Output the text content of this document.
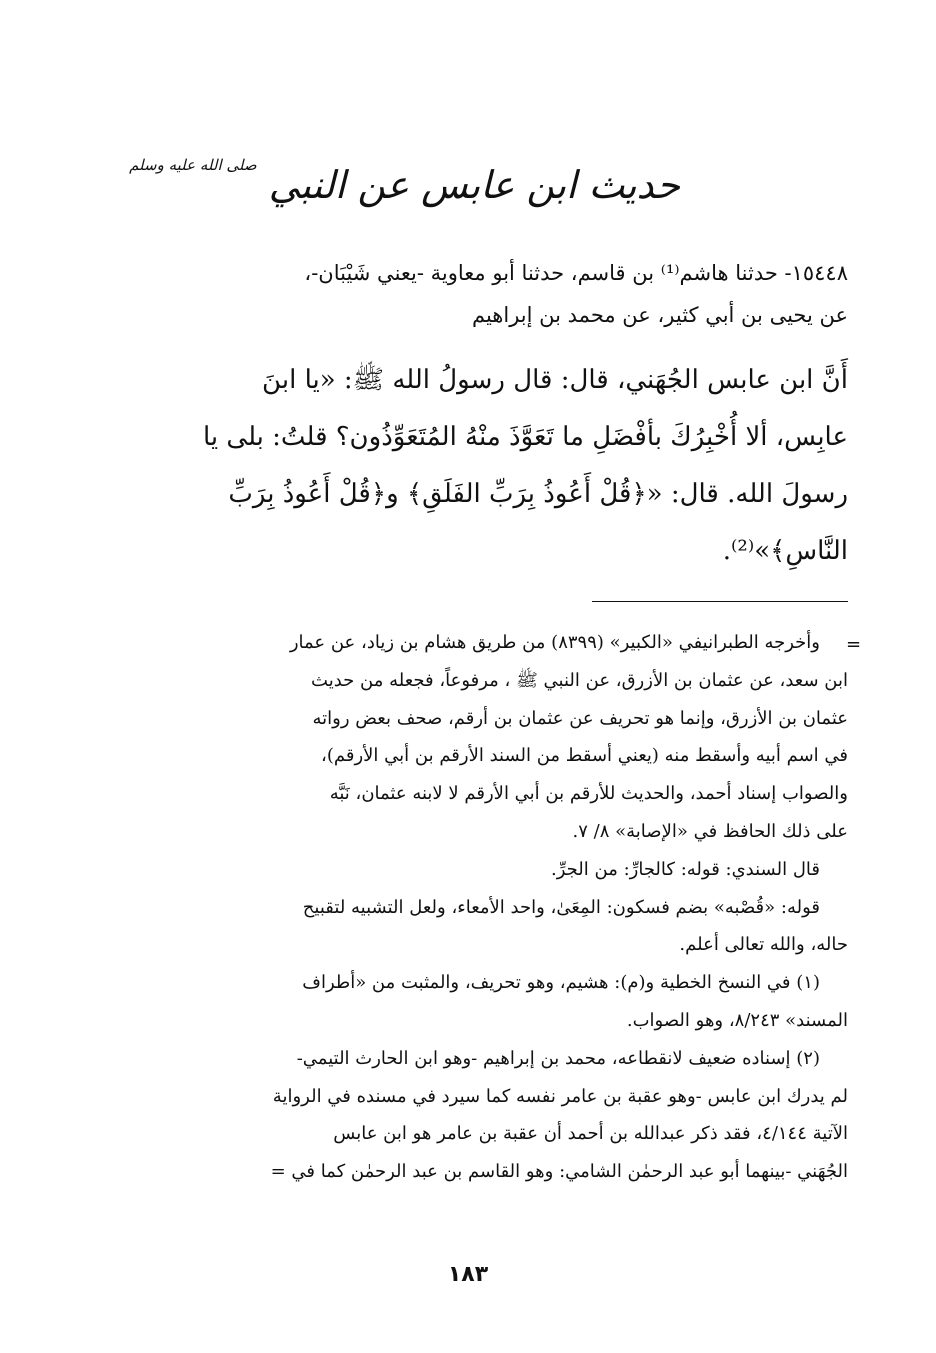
حديث ابن عابس عن النبي $^{صلى الله عليه وسلم}$
١٥٤٤٨- حدثنا هاشم⁽¹⁾ بن قاسم، حدثنا أبو معاوية -يعني شَيْبَان-،
عن يحيى بن أبي كثير، عن محمد بن إبراهيم
أَنَّ ابن عابس الجُهَني، قال: قال رسولُ الله ﷺ: «يا ابنَ
عابِس، ألا أُخْبِرُكَ بأفْضَلِ ما تَعَوَّذَ منْهُ المُتَعَوِّذُون؟ قلتُ: بلى يا
رسولَ الله. قال: «﴿قُلْ أَعُوذُ بِرَبِّ الفَلَقِ﴾ و﴿قُلْ أَعُوذُ بِرَبِّ
النَّاسِ﴾»⁽²⁾.
=
وأخرجه الطبرانيفي «الكبير» (٨٣٩٩) من طريق هشام بن زياد، عن عمار
ابن سعد، عن عثمان بن الأزرق، عن النبي ﷺ ، مرفوعاً، فجعله من حديث
عثمان بن الأزرق، وإنما هو تحريف عن عثمان بن أرقم، صحف بعض رواته
في اسم أبيه وأسقط منه (يعني أسقط من السند الأرقم بن أبي الأرقم)،
والصواب إسناد أحمد، والحديث للأرقم بن أبي الأرقم لا لابنه عثمان، نَبَّه
على ذلك الحافظ في «الإصابة» ٨/ ٧.
قال السندي: قوله: كالجارِّ: من الجرِّ.
قوله: «قُصْبه» بضم فسكون: المِعَىٰ، واحد الأمعاء، ولعل التشبيه لتقبيح
حاله، والله تعالى أعلم.
(١) في النسخ الخطية و(م): هشيم، وهو تحريف، والمثبت من «أطراف
المسند» ٨/٢٤٣، وهو الصواب.
(٢) إسناده ضعيف لانقطاعه، محمد بن إبراهيم -وهو ابن الحارث التيمي-
لم يدرك ابن عابس -وهو عقبة بن عامر نفسه كما سيرد في مسنده في الرواية
الآتية ٤/١٤٤، فقد ذكر عبدالله بن أحمد أن عقبة بن عامر هو ابن عابس
الجُهَني -بينهما أبو عبد الرحمٰن الشامي: وهو القاسم بن عبد الرحمٰن كما في =
١٨٣
